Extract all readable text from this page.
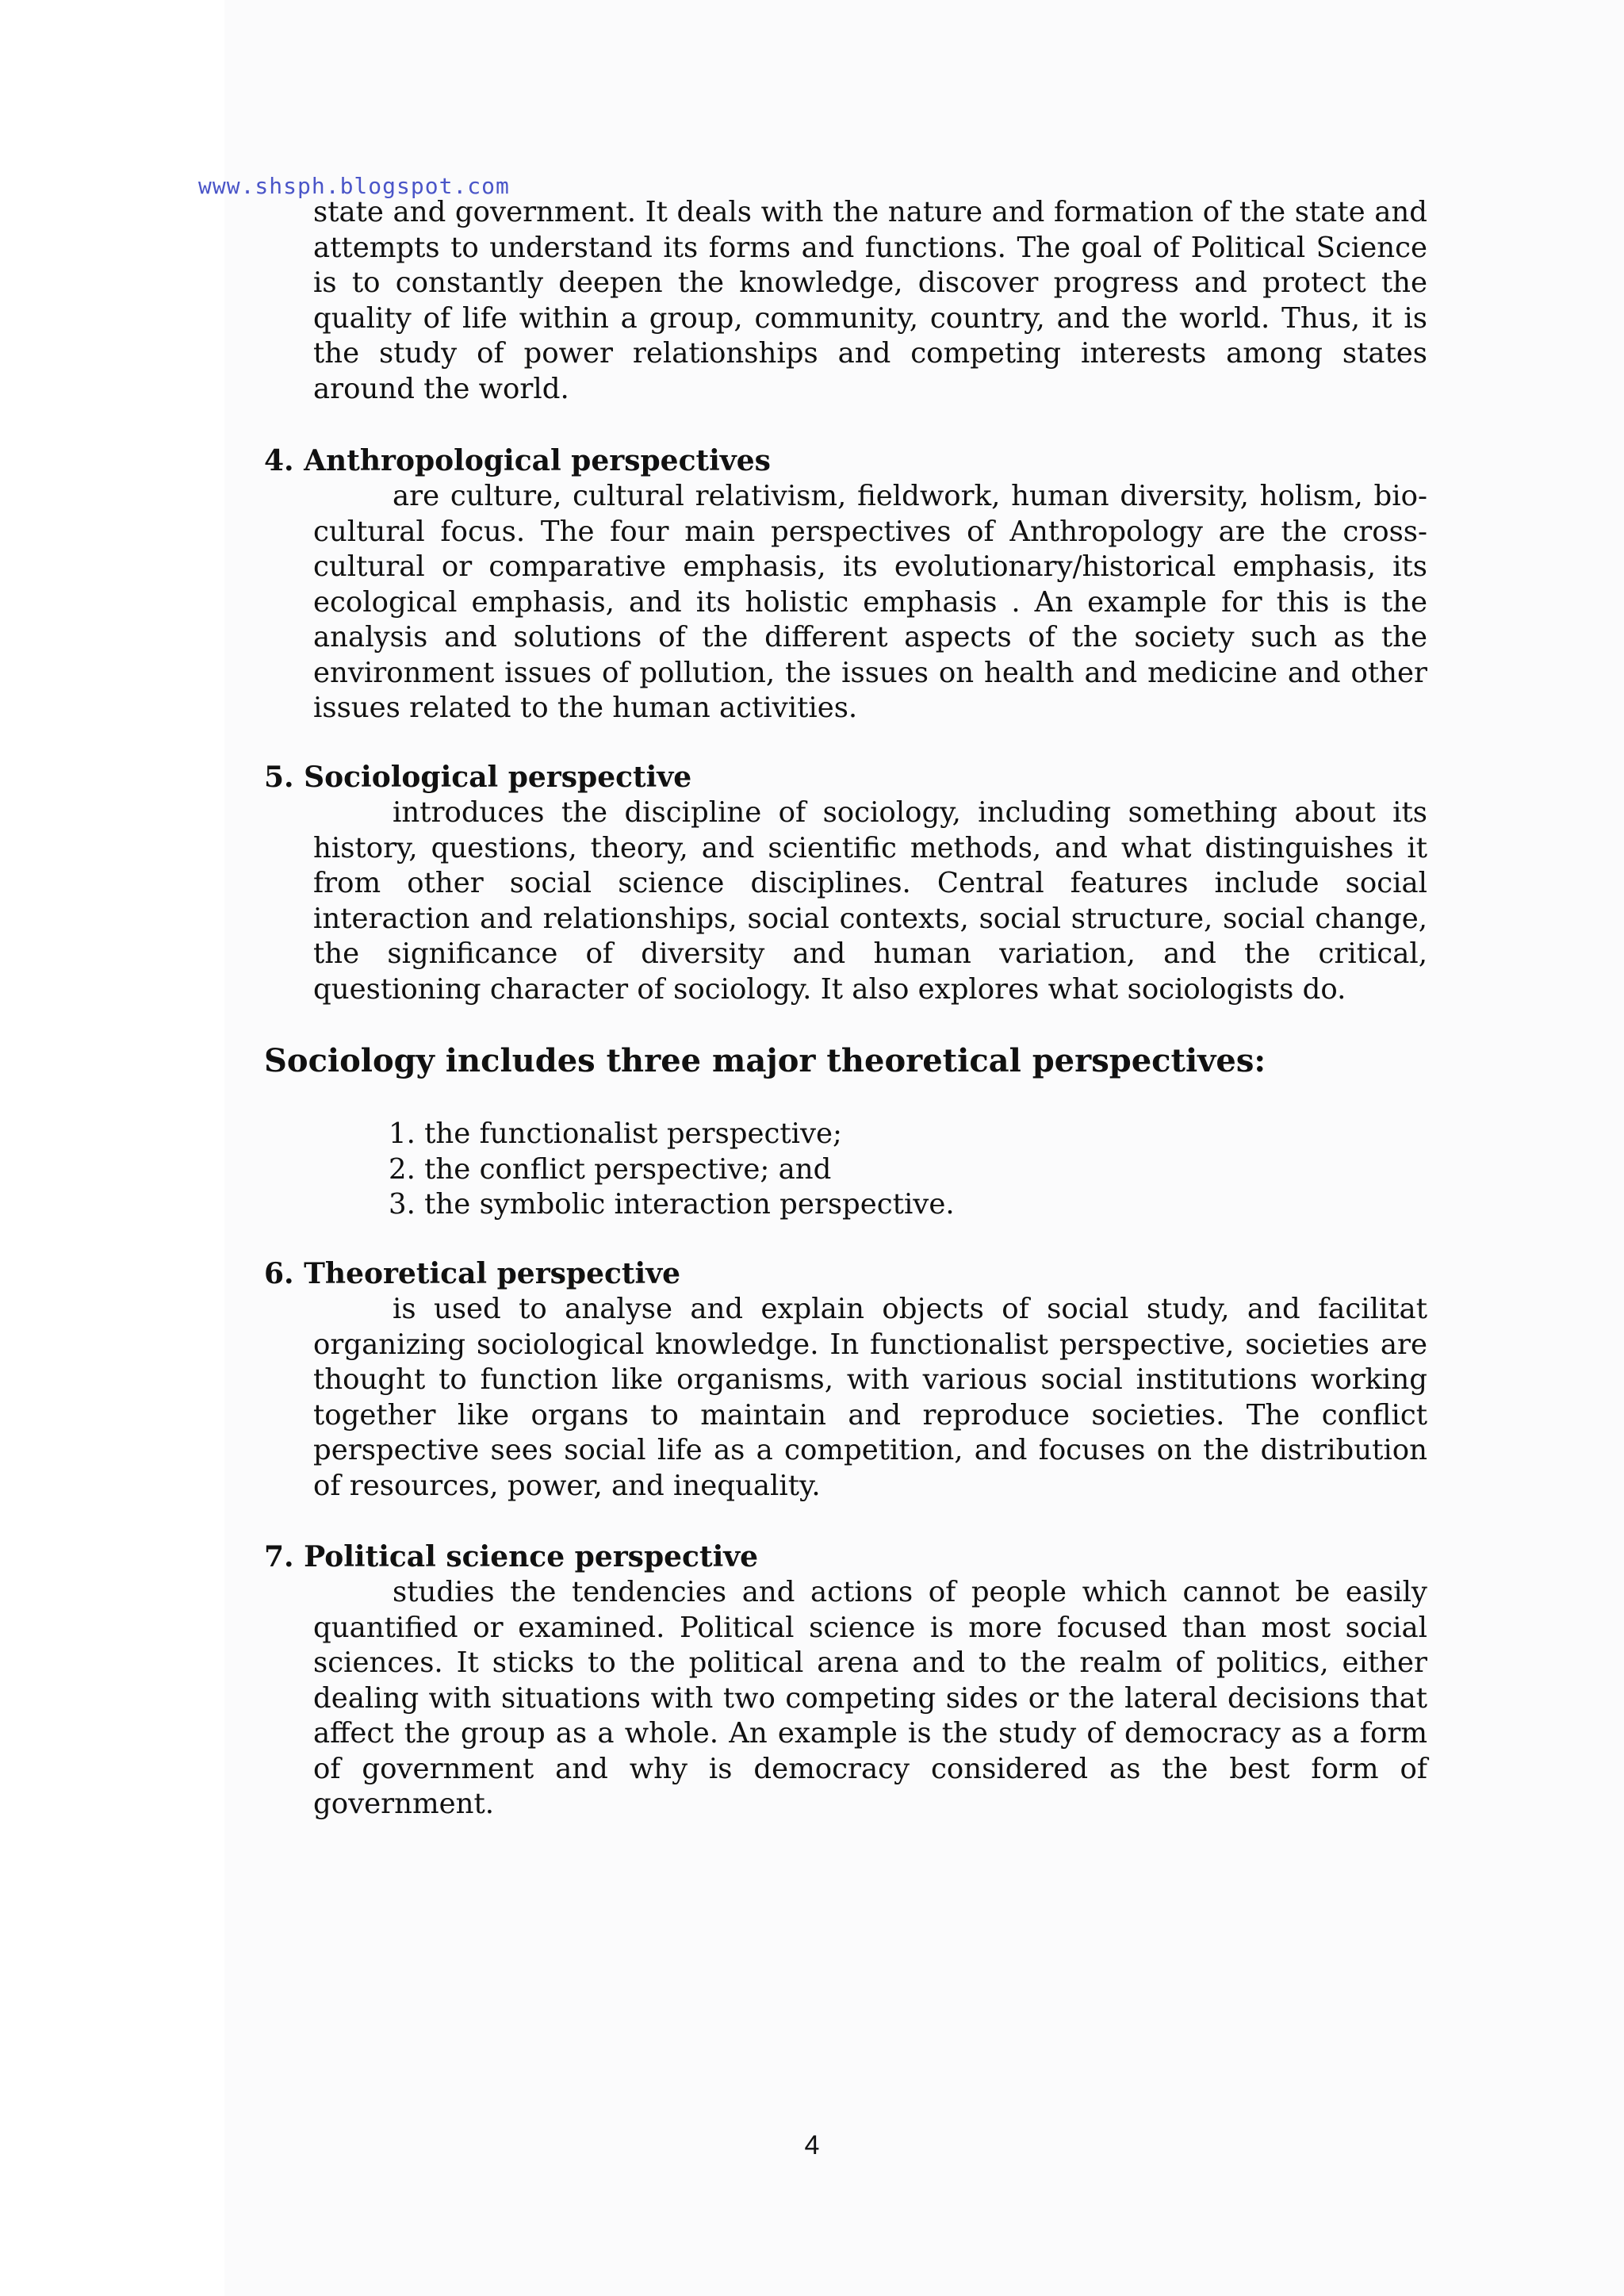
www.shsph.blogspot.com

state and government. It deals with the nature and formation of the state and attempts to understand its forms and functions. The goal of Political Science is to constantly deepen the knowledge, discover progress and protect the quality of life within a group, community, country, and the world. Thus, it is the study of power relationships and competing interests among states around the world.

4. Anthropological perspectives

are culture, cultural relativism, fieldwork, human diversity, holism, bio-cultural focus. The four main perspectives of Anthropology are the cross-cultural or comparative emphasis, its evolutionary/historical emphasis, its ecological emphasis, and its holistic emphasis . An example for this is the analysis and solutions of the different aspects of the society such as the environment issues of pollution, the issues on health and medicine and other issues related to the human activities.

5. Sociological perspective

introduces the discipline of sociology, including something about its history, questions, theory, and scientific methods, and what distinguishes it from other social science disciplines. Central features include social interaction and relationships, social contexts, social structure, social change, the significance of diversity and human variation, and the critical, questioning character of sociology. It also explores what sociologists do.

Sociology includes three major theoretical perspectives:
1. the functionalist perspective;
2. the conflict perspective; and
3. the symbolic interaction perspective.
6. Theoretical perspective

is used to analyse and explain objects of social study, and facilitat organizing sociological knowledge. In functionalist perspective, societies are thought to function like organisms, with various social institutions working together like organs to maintain and reproduce societies. The conflict perspective sees social life as a competition, and focuses on the distribution of resources, power, and inequality.

7. Political science perspective

studies the tendencies and actions of people which cannot be easily quantified or examined. Political science is more focused than most social sciences. It sticks to the political arena and to the realm of politics, either dealing with situations with two competing sides or the lateral decisions that affect the group as a whole. An example is the study of democracy as a form of government and why is democracy considered as the best form of government.

4
